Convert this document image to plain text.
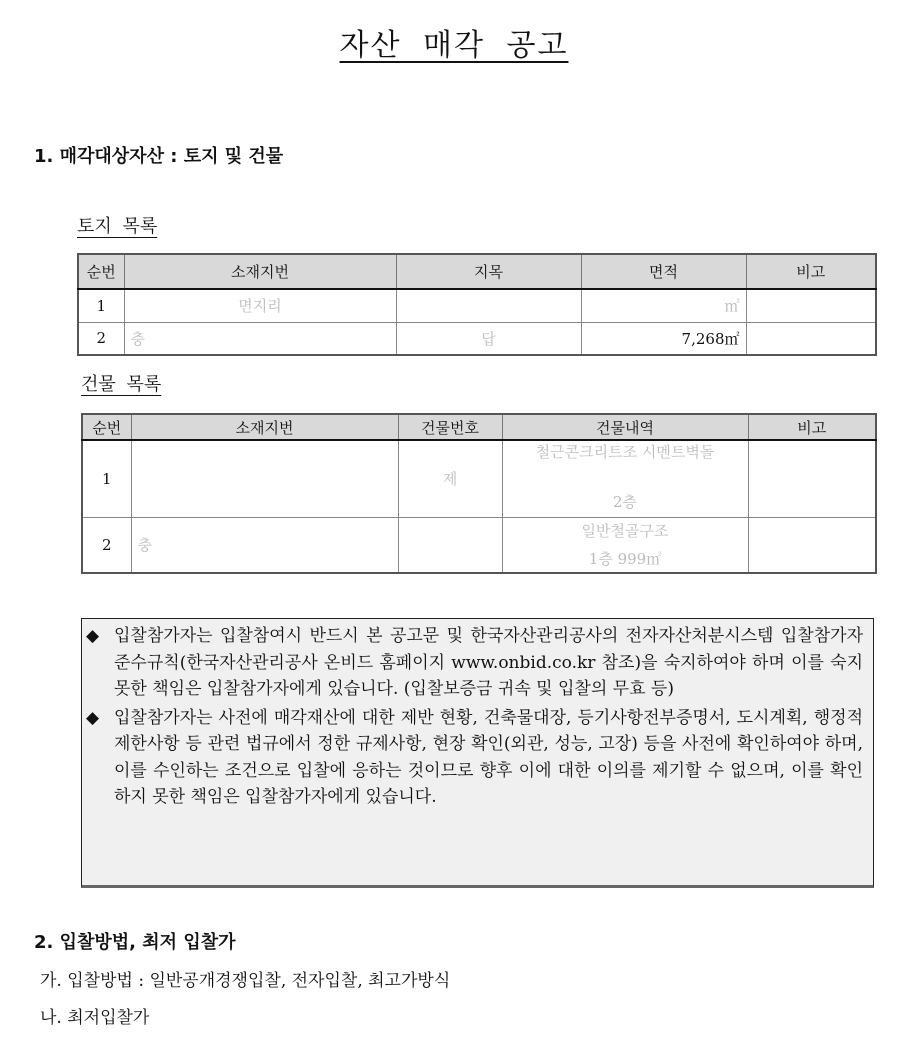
자산 매각 공고
1. 매각대상자산 : 토지 및 건물
토지 목록
순번	소재지번	지목	면적	비고
1	면지리		㎡	
2	충	답	7,268㎡	
건물 목록
순번	소재지번	건물번호	건물내역	비고
1		제	철근콘크리트조 시멘트벽돌
2층	

2	충		일반철골구조
1층 999㎡	

◆ 입찰참가자는 입찰참여시 반드시 본 공고문 및 한국자산관리공사의 전자자산처분시스템 입찰참가자 준수규칙(한국자산관리공사 온비드 홈페이지 www.onbid.co.kr 참조)을 숙지하여야 하며 이를 숙지 못한 책임은 입찰참가자에게 있습니다. (입찰보증금 귀속 및 입찰의 무효 등)
◆ 입찰참가자는 사전에 매각재산에 대한 제반 현황, 건축물대장, 등기사항전부증명서, 도시계획, 행정적 제한사항 등 관련 법규에서 정한 규제사항, 현장 확인(외관, 성능, 고장) 등을 사전에 확인하여야 하며, 이를 수인하는 조건으로 입찰에 응하는 것이므로 향후 이에 대한 이의를 제기할 수 없으며, 이를 확인하지 못한 책임은 입찰참가자에게 있습니다.
2. 입찰방법, 최저 입찰가
가. 입찰방법 : 일반공개경쟁입찰, 전자입찰, 최고가방식
나. 최저입찰가
